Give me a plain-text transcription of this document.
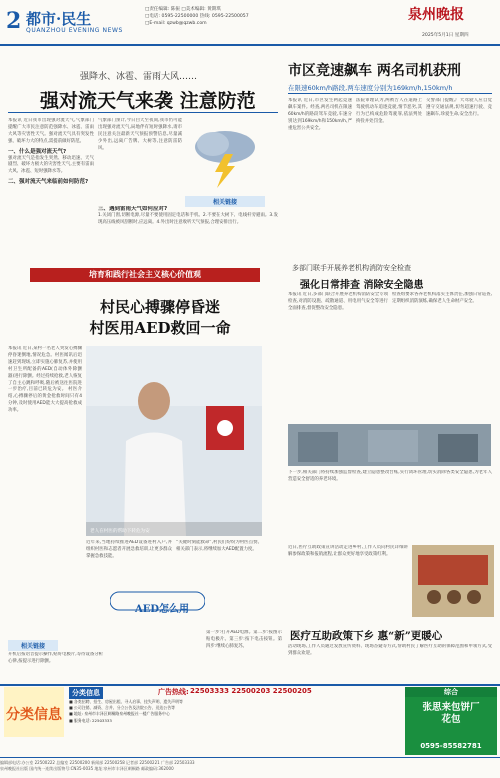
2 都市·民生
QUANZHOU EVENING NEWS
□责任编辑: 陈振 □美术编辑: 黄期琪
□电话: 0595-22500000 热线: 0595-22500057
□E-mail: qzwb@qzwb.com
泉州晚报
2025年5月1日 星期四
强降水、冰雹、雷雨大风……
强对流天气来袭 注意防范
本报讯 近日我市出现强对流天气,气象部门提醒广大市民注意防范强降水、冰雹、雷雨大风等灾害性天气。强对流天气具有突发性强、破坏力大的特点,需提前做好防范。
一、什么是强对流天气?
强对流天气是指发生突然、移动迅速、天气剧烈、破坏力极大的灾害性天气,主要有雷雨大风、冰雹、短时强降水等。
二、强对流天气来临前如何防范?
气象部门预计,今日白天至夜间,我市仍可能出现强对流天气,局地伴有短时强降水,请市民注意关注最新天气预报预警信息,尽量减少外出,远离广告牌、大树等,注意防雷防风。
相关链接
三、遇到雷雨天气如何应对?
1.关闭门窗,切断电源,尽量不要使用固定电话和手机。2.不要在大树下、电线杆旁避雨。3.发现高压线被风刮断时,应远离。4.外出时注意收听天气预报,合理安排出行。
市区竞速飙车 两名司机获刑
在限速60km/h路段,两车速度分别为169km/h,150km/h
本报讯 近日,市区发生两起竞速飙车案件。经查,两名司机在限速60km/h的路段驾车竞驶,车速分别达到169km/h和150km/h,严重危害公共安全。
法院审理认为,两被告人在道路上驾驶机动车追逐竞驶,情节恶劣,其行为已构成危险驾驶罪,依法判处拘役并处罚金。
交警部门提醒,广大驾驶人应自觉遵守交通法规,切勿超速行驶、竞速飙车,珍爱生命,安全出行。
培育和践行社会主义核心价值观
村民心搏骤停昏迷
村医用AED救回一命
本报讯 近日,某村一名老人突发心搏骤停昏迷倒地,情况危急。村医闻讯后迅速赶到现场,立即实施心肺复苏,并使用村卫生所配备的AED(自动体外除颤器)进行除颤。经过持续抢救,老人恢复了自主心跳和呼吸,随后被送往医院进一步治疗,目前已转危为安。 村医介绍,心搏骤停后的黄金抢救时间只有4分钟,及时使用AED能大大提高抢救成功率。
老人在村医的帮助下转危为安
近年来,当地持续推进AED设备进村入户,并组织村医和志愿者开展急救培训,让更多群众掌握急救技能。
“关键时刻能救命”,村民们纷纷为村医点赞。相关部门表示,将继续加大AED配置力度。
相关链接
开机后按语音提示操作,贴好电极片,等待设备分析心律,按提示进行除颤。
AED怎么用
第一步:打开AED电源。第二步:按图示贴电极片。第三步:按下电击按钮。第四步:继续心肺复苏。
多部门联手开展养老机构消防安全检查
强化日常排查 消除安全隐患
本报讯 近日,多部门联合开展养老机构消防安全专项检查,对消防设施、疏散通道、用电用气安全等进行全面排查,督促整改安全隐患。
检查组要求各养老机构落实主体责任,加强日常巡查,定期组织消防演练,确保老人生命财产安全。
下一步,相关部门将持续加强监督检查,建立隐患整改台账,实行闭环管理,切实消除各类安全隐患,为老年人营造安全舒适的养老环境。
近日,医疗互助政策宣讲活动走进乡村,工作人员向村民详细讲解参保政策和报销流程,让群众更好地享受政策红利。
医疗互助政策下乡 惠“新”更暖心
活动现场,工作人员通过发放宣传资料、现场答疑等方式,帮助村民了解医疗互助的保障范围和申领方式,受到群众欢迎。
分类信息
分类信息	广告热线: 22503333 22500203 22500205
■ 各类招聘、招生、房屋出租、寻人启事、挂失声明、遗失声明等
■ 公司注销、减资、合并、分立公告及法院公告、送达公告等
■ 地址: 泉州市丰泽区刺桐路泉州晚报社一楼广告服务中心
■ 服务电话: 22503333
综合
张思来包饼厂
花包
0595-85582781
编辑部电话:办公室 22500222 总编室 22500200 新闻部 22500258 记者部 22500221 广告部 22503333
泉州晚报社出版 国内统一连续出版物号:CN35-0035 地址:泉州市丰泽区刺桐路 邮政编码:362000
